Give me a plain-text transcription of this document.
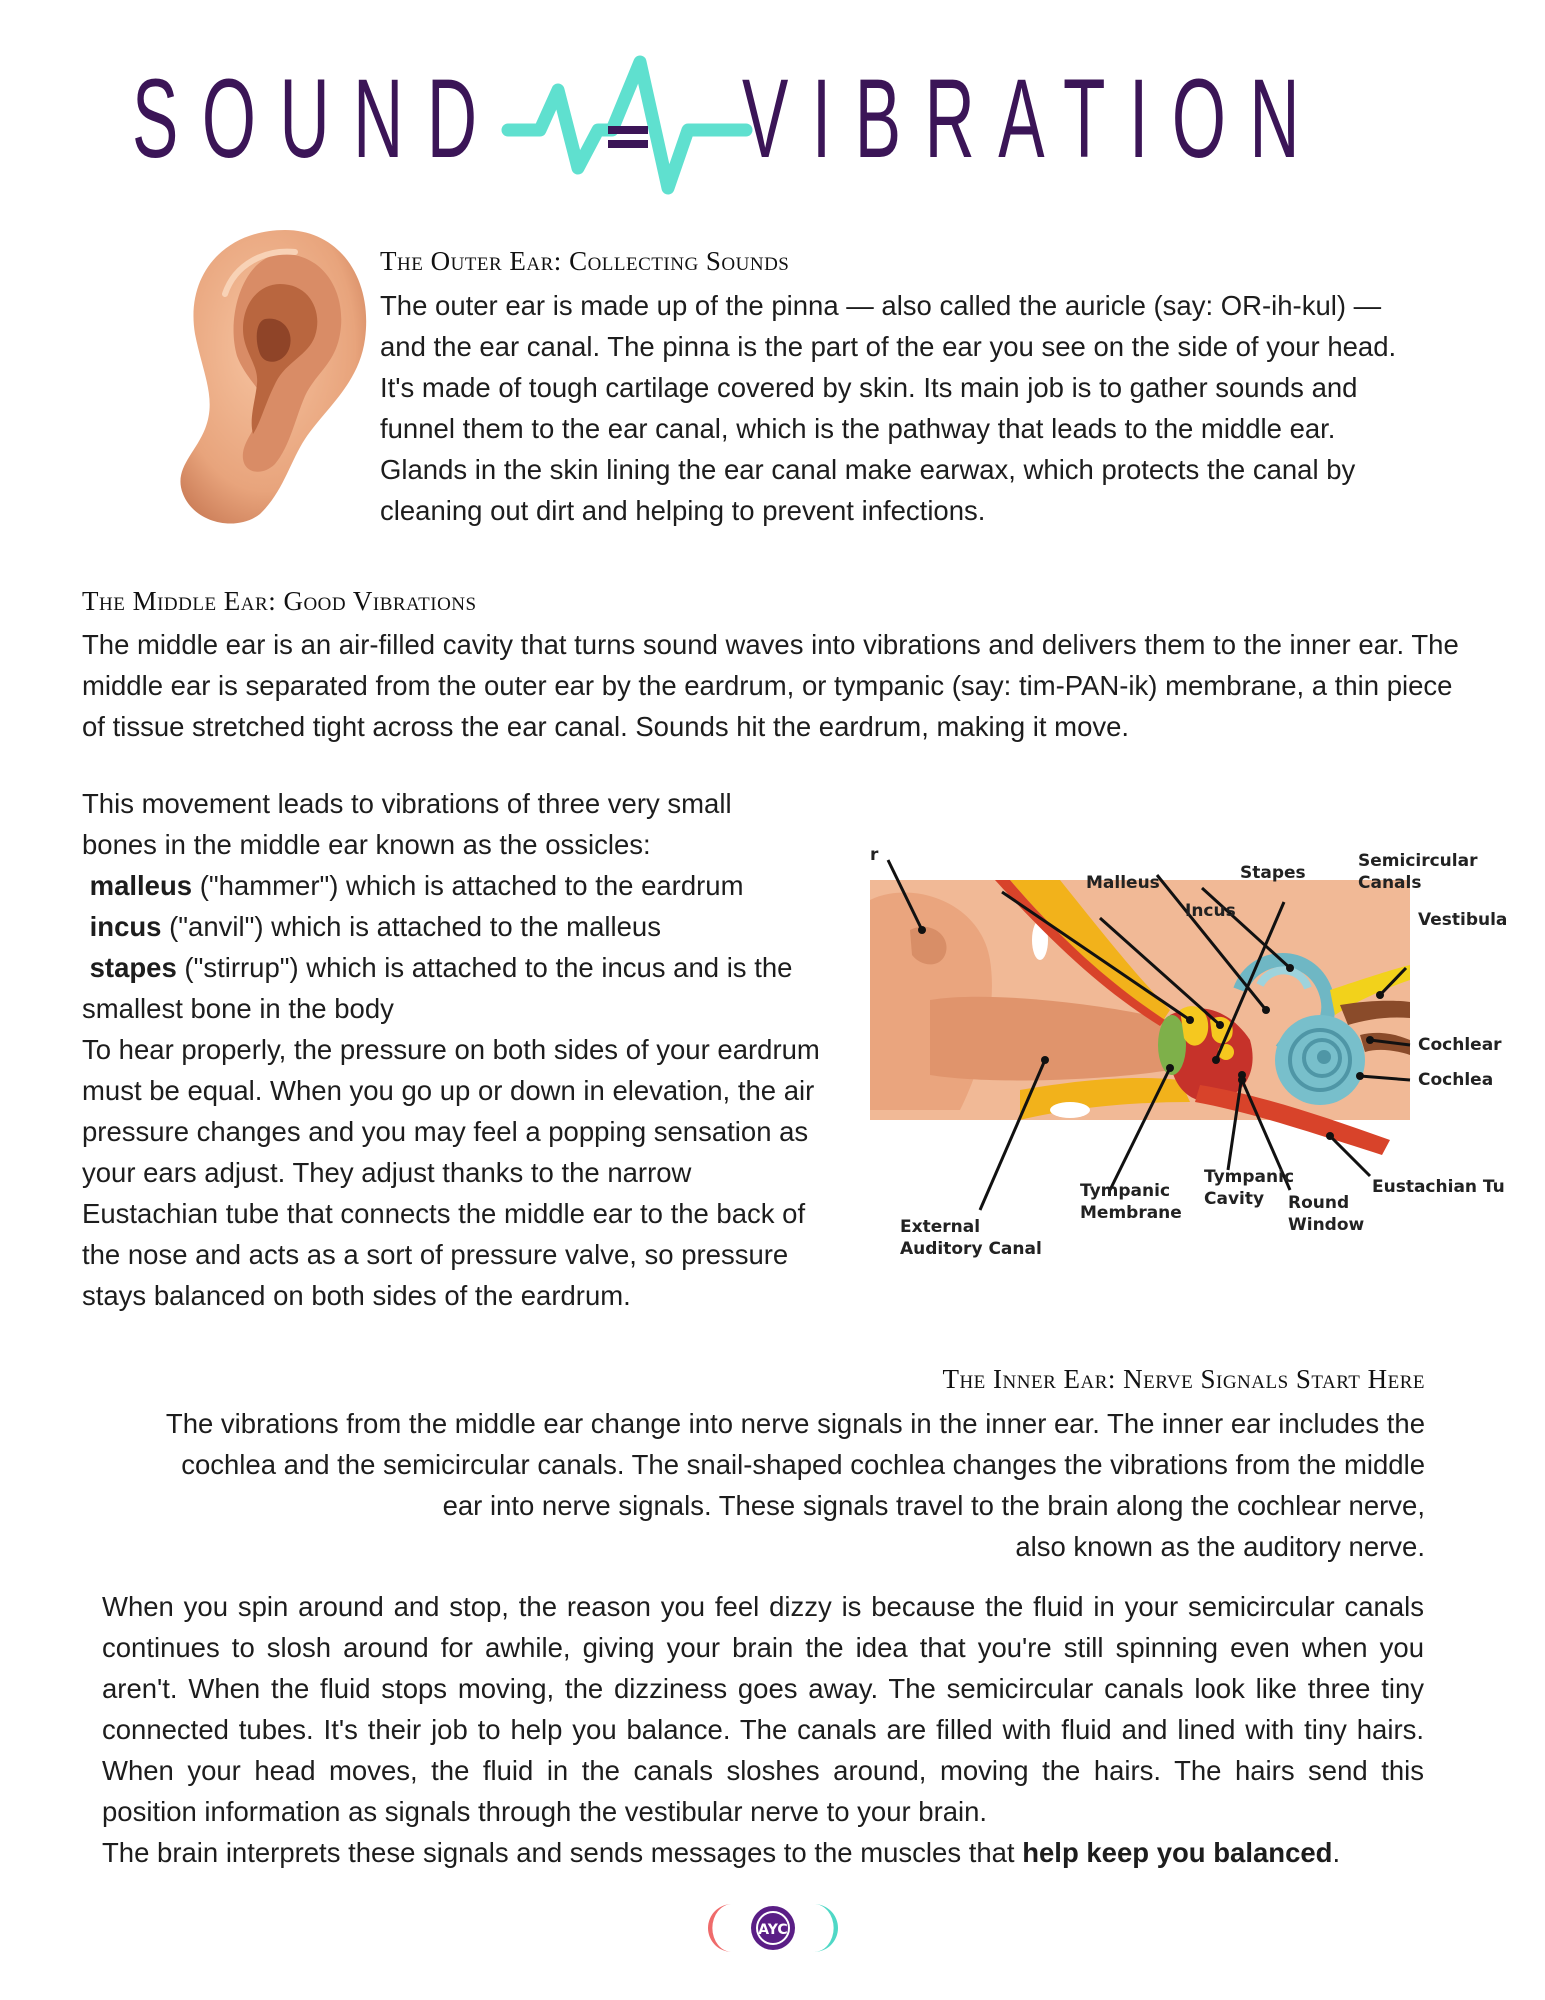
SOUND VIBRATION
The Outer Ear: Collecting Sounds
The outer ear is made up of the pinna — also called the auricle (say: OR-ih-kul) — and the ear canal. The pinna is the part of the ear you see on the side of your head. It's made of tough cartilage covered by skin. Its main job is to gather sounds and funnel them to the ear canal, which is the pathway that leads to the middle ear. Glands in the skin lining the ear canal make earwax, which protects the canal by cleaning out dirt and helping to prevent infections.
The Middle Ear: Good Vibrations
The middle ear is an air-filled cavity that turns sound waves into vibrations and delivers them to the inner ear. The middle ear is separated from the outer ear by the eardrum, or tympanic (say: tim-PAN-ik) membrane, a thin piece of tissue stretched tight across the ear canal. Sounds hit the eardrum, making it move.

This movement leads to vibrations of three very small bones in the middle ear known as the ossicles:

malleus ("hammer") which is attached to the eardrum

incus ("anvil") which is attached to the malleus

stapes ("stirrup") which is attached to the incus and is the smallest bone in the body

To hear properly, the pressure on both sides of your eardrum must be equal. When you go up or down in elevation, the air pressure changes and you may feel a popping sensation as your ears adjust. They adjust thanks to the narrow Eustachian tube that connects the middle ear to the back of the nose and acts as a sort of pressure valve, so pressure stays balanced on both sides of the eardrum.

r
Malleus	Stapes
Incus
Semicircular
Canals
Vestibula
Cochlear
Cochlea
Tympanic
Membrane
Tympanic
Cavity Round
Window
Eustachian Tu
External
Auditory Canal
The Inner Ear: Nerve Signals Start Here

The vibrations from the middle ear change into nerve signals in the inner ear. The inner ear includes the

cochlea and the semicircular canals. The snail-shaped cochlea changes the vibrations from the middle

ear into nerve signals. These signals travel to the brain along the cochlear nerve,

also known as the auditory nerve.

When you spin around and stop, the reason you feel dizzy is because the fluid in your semicircular canals continues to slosh around for awhile, giving your brain the idea that you're still spinning even when you aren't. When the fluid stops moving, the dizziness goes away. The semicircular canals look like three tiny connected tubes. It's their job to help you balance. The canals are filled with fluid and lined with tiny hairs. When your head moves, the fluid in the canals sloshes around, moving the hairs. The hairs send this position information as signals through the vestibular nerve to your brain.

The brain interprets these signals and sends messages to the muscles that help keep you balanced.

AYC
